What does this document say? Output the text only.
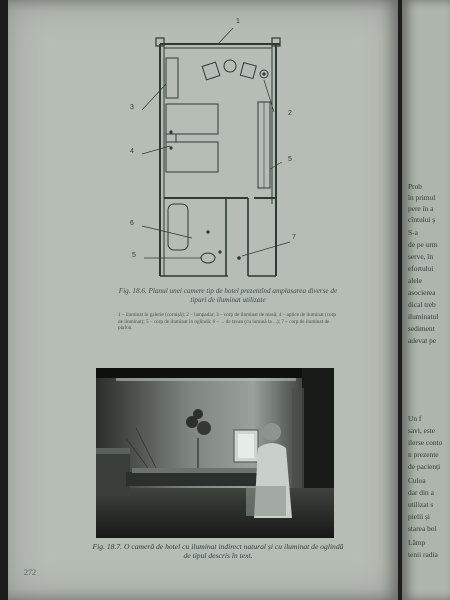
1
2
3
4
5
6
5
7
Fig. 18.6. Planul unei camere tip de hotel prezentînd amplasarea diverse de tipuri de iluminat utilizate
1 – iluminat în galerie (cornișă); 2 – lampadar; 3 – corp de iluminat de masă; 4 – aplice de iluminat (corp de iluminat); 5 – corp de iluminat în oglindă; 6 – ... de tavan (cu lumină la ...); 7 – corp de iluminat de plafon.
Fig. 18.7. O cameră de hotel cu iluminat indirect natural și cu iluminat de oglindă de tipul descris în text.
272
Prob
în primul
pere în a
cîntului ș
S-a
de pe urm
serve, în
efortului
alele
asocierea
dical treb
iluminatul
sediment
adevat pe
Un f
savi, este
ilerse conto
n prezente
de pacienți
Culoa
dar din a
utilizat s
pielii și
starea bol
Lămp
tenii radia
